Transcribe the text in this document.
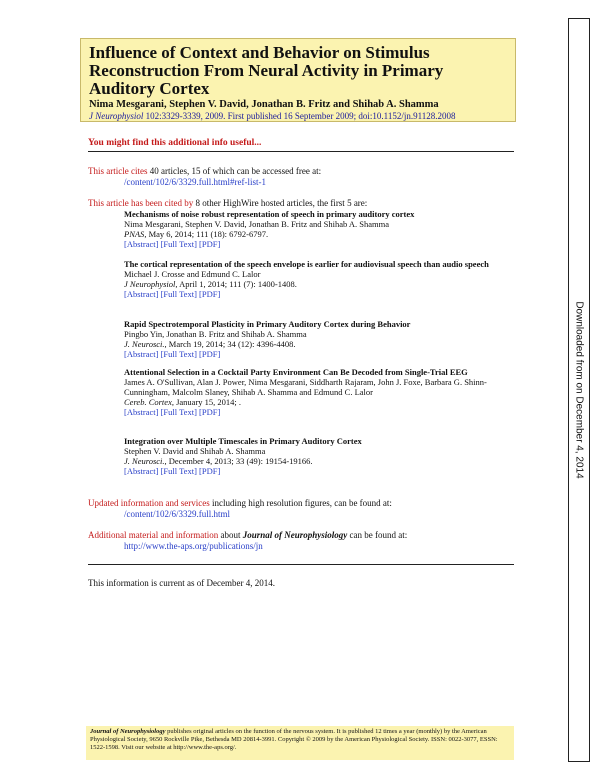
Influence of Context and Behavior on Stimulus
Reconstruction From Neural Activity in Primary
Auditory Cortex
Nima Mesgarani, Stephen V. David, Jonathan B. Fritz and Shihab A. Shamma
J Neurophysiol 102:3329-3339, 2009. First published 16 September 2009; doi:10.1152/jn.91128.2008
Downloaded from on December 4, 2014
You might find this additional info useful...
This article cites 40 articles, 15 of which can be accessed free at:
/content/102/6/3329.full.html#ref-list-1
This article has been cited by 8 other HighWire hosted articles, the first 5 are:
Mechanisms of noise robust representation of speech in primary auditory cortex
Nima Mesgarani, Stephen V. David, Jonathan B. Fritz and Shihab A. Shamma
PNAS, May 6, 2014; 111 (18): 6792-6797.
[Abstract] [Full Text] [PDF]
The cortical representation of the speech envelope is earlier for audiovisual speech than audio speech
Michael J. Crosse and Edmund C. Lalor
J Neurophysiol, April 1, 2014; 111 (7): 1400-1408.
[Abstract] [Full Text] [PDF]
Rapid Spectrotemporal Plasticity in Primary Auditory Cortex during Behavior
Pingbo Yin, Jonathan B. Fritz and Shihab A. Shamma
J. Neurosci., March 19, 2014; 34 (12): 4396-4408.
[Abstract] [Full Text] [PDF]
Attentional Selection in a Cocktail Party Environment Can Be Decoded from Single-Trial EEG
James A. O'Sullivan, Alan J. Power, Nima Mesgarani, Siddharth Rajaram, John J. Foxe, Barbara G. Shinn-Cunningham, Malcolm Slaney, Shihab A. Shamma and Edmund C. Lalor
Cereb. Cortex, January 15, 2014; .
[Abstract] [Full Text] [PDF]
Integration over Multiple Timescales in Primary Auditory Cortex
Stephen V. David and Shihab A. Shamma
J. Neurosci., December 4, 2013; 33 (49): 19154-19166.
[Abstract] [Full Text] [PDF]
Updated information and services including high resolution figures, can be found at:
/content/102/6/3329.full.html
Additional material and information about Journal of Neurophysiology can be found at:
http://www.the-aps.org/publications/jn
This information is current as of December 4, 2014.
Journal of Neurophysiology publishes original articles on the function of the nervous system. It is published 12 times a year (monthly) by the American Physiological Society, 9650 Rockville Pike, Bethesda MD 20814-3991. Copyright © 2009 by the American Physiological Society. ISSN: 0022-3077, ESSN: 1522-1598. Visit our website at http://www.the-aps.org/.
